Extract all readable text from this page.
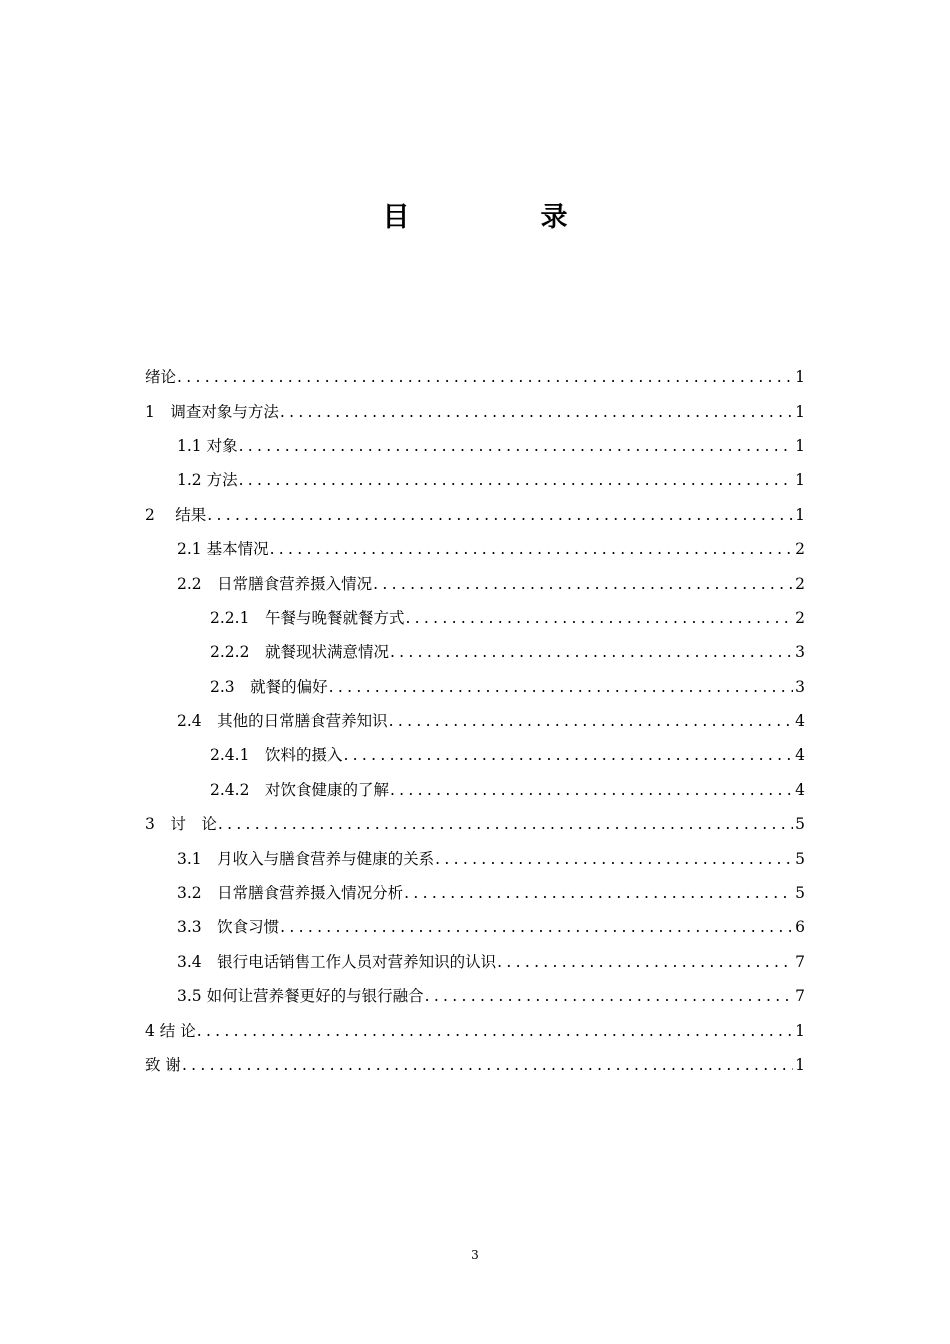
目　录
绪论 .....	1
1　调查对象与方法 .....	1
1.1 对象 .....	1
1.2 方法 .....	1
2　 结果 .....	1
2.1 基本情况 .....	2
2.2　日常膳食营养摄入情况 .....	2
2.2.1　午餐与晚餐就餐方式 .....	2
2.2.2　就餐现状满意情况 .....	3
2.3　就餐的偏好 .....	3
2.4　其他的日常膳食营养知识 .....	4
2.4.1　饮料的摄入 .....	4
2.4.2　对饮食健康的了解 .....	4
3　讨　论 .....	5
3.1　月收入与膳食营养与健康的关系 .....	5
3.2　日常膳食营养摄入情况分析 .....	5
3.3　饮食习惯 .....	6
3.4　银行电话销售工作人员对营养知识的认识 .....	7
3.5 如何让营养餐更好的与银行融合 .....	7
4 结 论 .....	1
致 谢 .....	1
3
